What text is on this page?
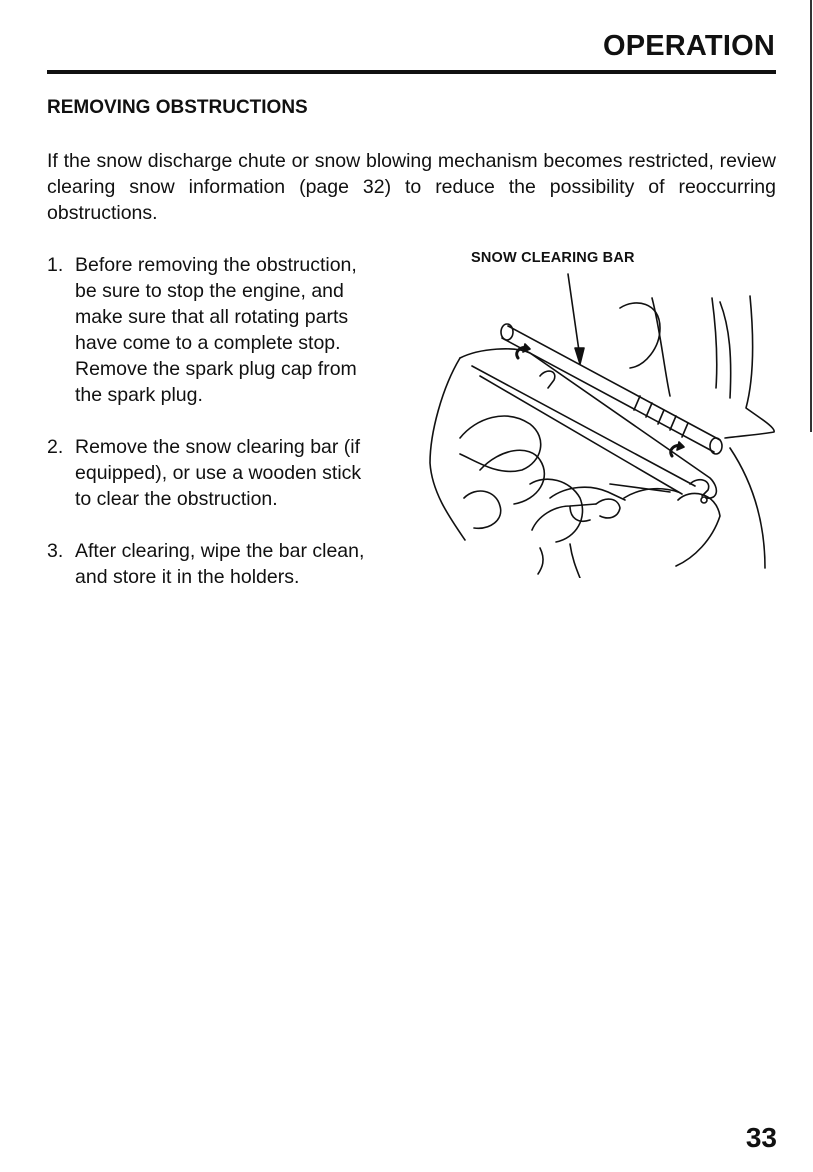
OPERATION
REMOVING OBSTRUCTIONS

If the snow discharge chute or snow blowing mechanism becomes restricted, review clearing snow information (page 32) to reduce the possibility of reoccurring obstructions.

1. Before removing the obstruction, be sure to stop the engine, and make sure that all rotating parts have come to a complete stop. Remove the spark plug cap from the spark plug.
2. Remove the snow clearing bar (if equipped), or use a wooden stick to clear the obstruction.
3. After clearing, wipe the bar clean, and store it in the holders.
SNOW CLEARING BAR
33
